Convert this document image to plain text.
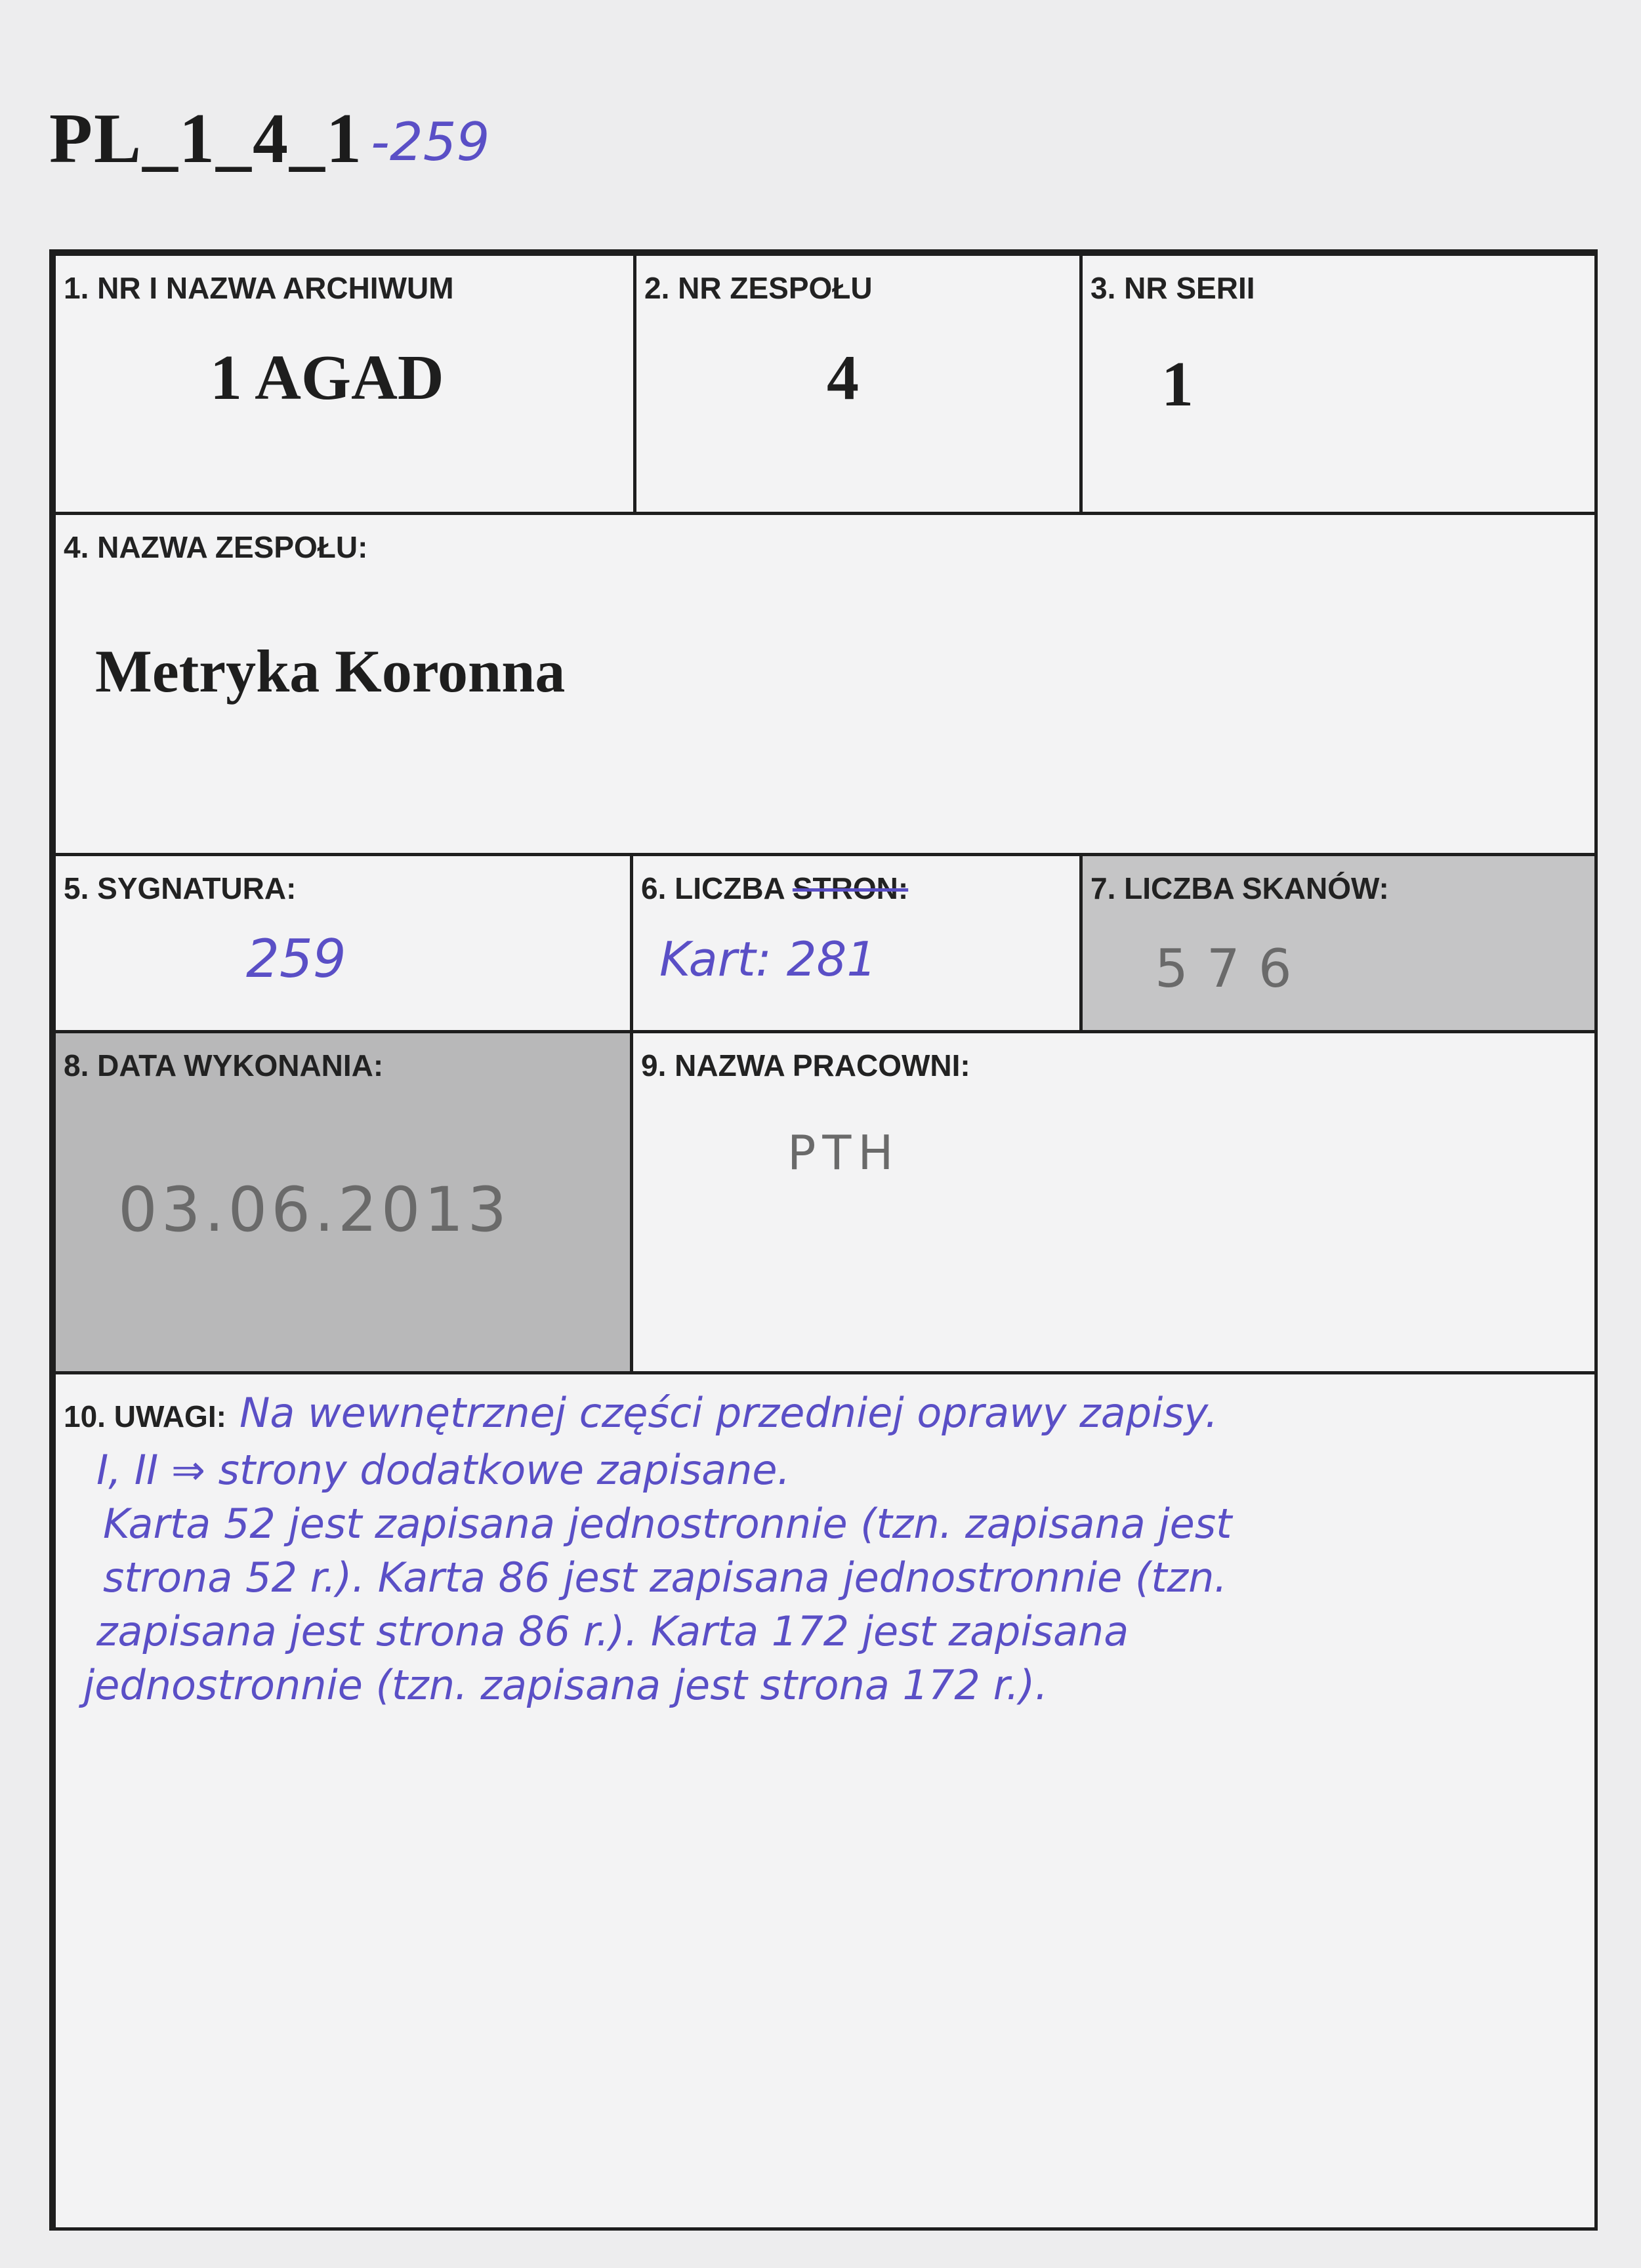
PL_1_4_1 -259
1. NR I NAZWA ARCHIWUM
1 AGAD
2. NR ZESPOŁU
4
3. NR SERII
1
4. NAZWA ZESPOŁU:
Metryka Koronna
5. SYGNATURA:
259
6. LICZBA STRON:
Kart: 281
7. LICZBA SKANÓW:
576
8. DATA WYKONANIA:
03.06.2013
9. NAZWA PRACOWNI:
PTH
10. UWAGI: Na wewnętrznej części przedniej oprawy zapisy.
I, II ⇒ strony dodatkowe zapisane.
Karta 52 jest zapisana jednostronnie (tzn. zapisana jest
strona 52 r.). Karta 86 jest zapisana jednostronnie (tzn.
zapisana jest strona 86 r.). Karta 172 jest zapisana
jednostronnie (tzn. zapisana jest strona 172 r.).
